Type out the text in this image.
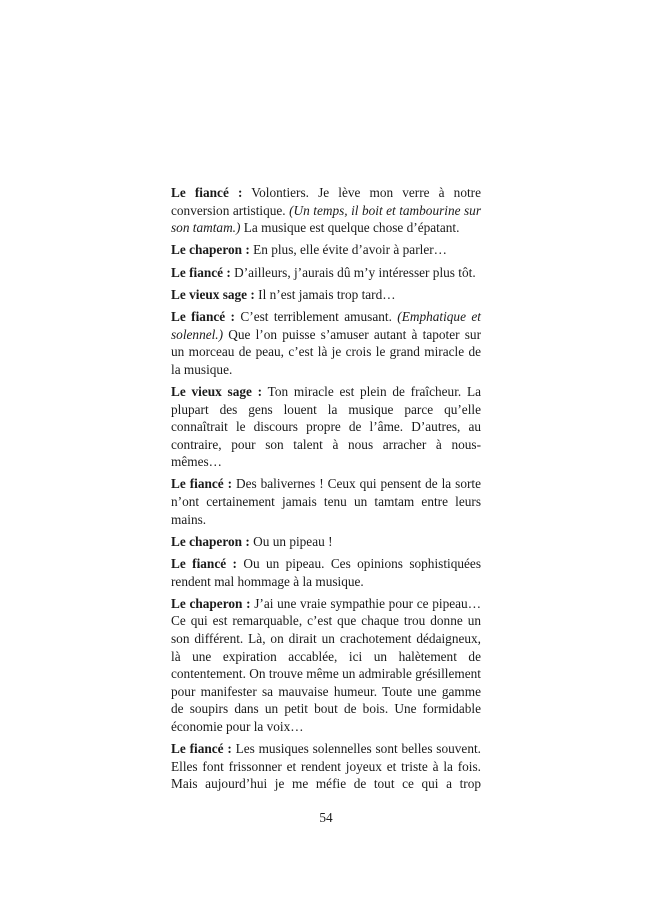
Le fiancé : Volontiers. Je lève mon verre à notre conversion artistique. (Un temps, il boit et tambourine sur son tamtam.) La musique est quelque chose d’épatant.

Le chaperon : En plus, elle évite d’avoir à parler…

Le fiancé : D’ailleurs, j’aurais dû m’y intéresser plus tôt.

Le vieux sage : Il n’est jamais trop tard…

Le fiancé : C’est terriblement amusant. (Emphatique et solennel.) Que l’on puisse s’amuser autant à tapoter sur un morceau de peau, c’est là je crois le grand miracle de la musique.

Le vieux sage : Ton miracle est plein de fraîcheur. La plupart des gens louent la musique parce qu’elle connaîtrait le discours propre de l’âme. D’autres, au contraire, pour son talent à nous arracher à nous-mêmes…

Le fiancé : Des balivernes ! Ceux qui pensent de la sorte n’ont certainement jamais tenu un tamtam entre leurs mains.

Le chaperon : Ou un pipeau !

Le fiancé : Ou un pipeau. Ces opinions sophistiquées rendent mal hommage à la musique.

Le chaperon : J’ai une vraie sympathie pour ce pipeau… Ce qui est remarquable, c’est que chaque trou donne un son différent. Là, on dirait un crachotement dédaigneux, là une expiration accablée, ici un halètement de contentement. On trouve même un admirable grésillement pour manifester sa mauvaise humeur. Toute une gamme de soupirs dans un petit bout de bois. Une formidable économie pour la voix…

Le fiancé : Les musiques solennelles sont belles souvent. Elles font frissonner et rendent joyeux et triste à la fois. Mais aujourd’hui je me méfie de tout ce qui a trop

54
